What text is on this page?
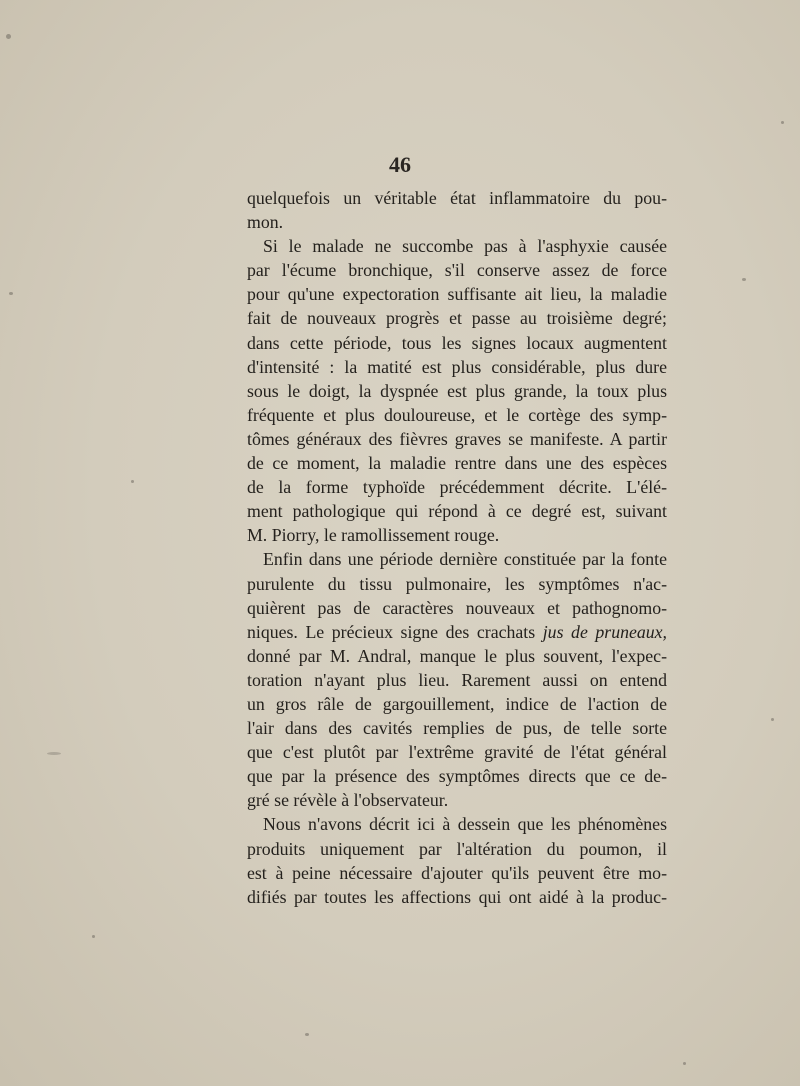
46
quelquefois un véritable état inflammatoire du pou-
mon.
Si le malade ne succombe pas à l'asphyxie causée
par l'écume bronchique, s'il conserve assez de force
pour qu'une expectoration suffisante ait lieu, la maladie
fait de nouveaux progrès et passe au troisième degré;
dans cette période, tous les signes locaux augmentent
d'intensité : la matité est plus considérable, plus dure
sous le doigt, la dyspnée est plus grande, la toux plus
fréquente et plus douloureuse, et le cortège des symp-
tômes généraux des fièvres graves se manifeste. A partir
de ce moment, la maladie rentre dans une des espèces
de la forme typhoïde précédemment décrite. L'élé-
ment pathologique qui répond à ce degré est, suivant
M. Piorry, le ramollissement rouge.
Enfin dans une période dernière constituée par la fonte
purulente du tissu pulmonaire, les symptômes n'ac-
quièrent pas de caractères nouveaux et pathognomo-
niques. Le précieux signe des crachats jus de pruneaux,
donné par M. Andral, manque le plus souvent, l'expec-
toration n'ayant plus lieu. Rarement aussi on entend
un gros râle de gargouillement, indice de l'action de
l'air dans des cavités remplies de pus, de telle sorte
que c'est plutôt par l'extrême gravité de l'état général
que par la présence des symptômes directs que ce de-
gré se révèle à l'observateur.
Nous n'avons décrit ici à dessein que les phénomènes
produits uniquement par l'altération du poumon, il
est à peine nécessaire d'ajouter qu'ils peuvent être mo-
difiés par toutes les affections qui ont aidé à la produc-
